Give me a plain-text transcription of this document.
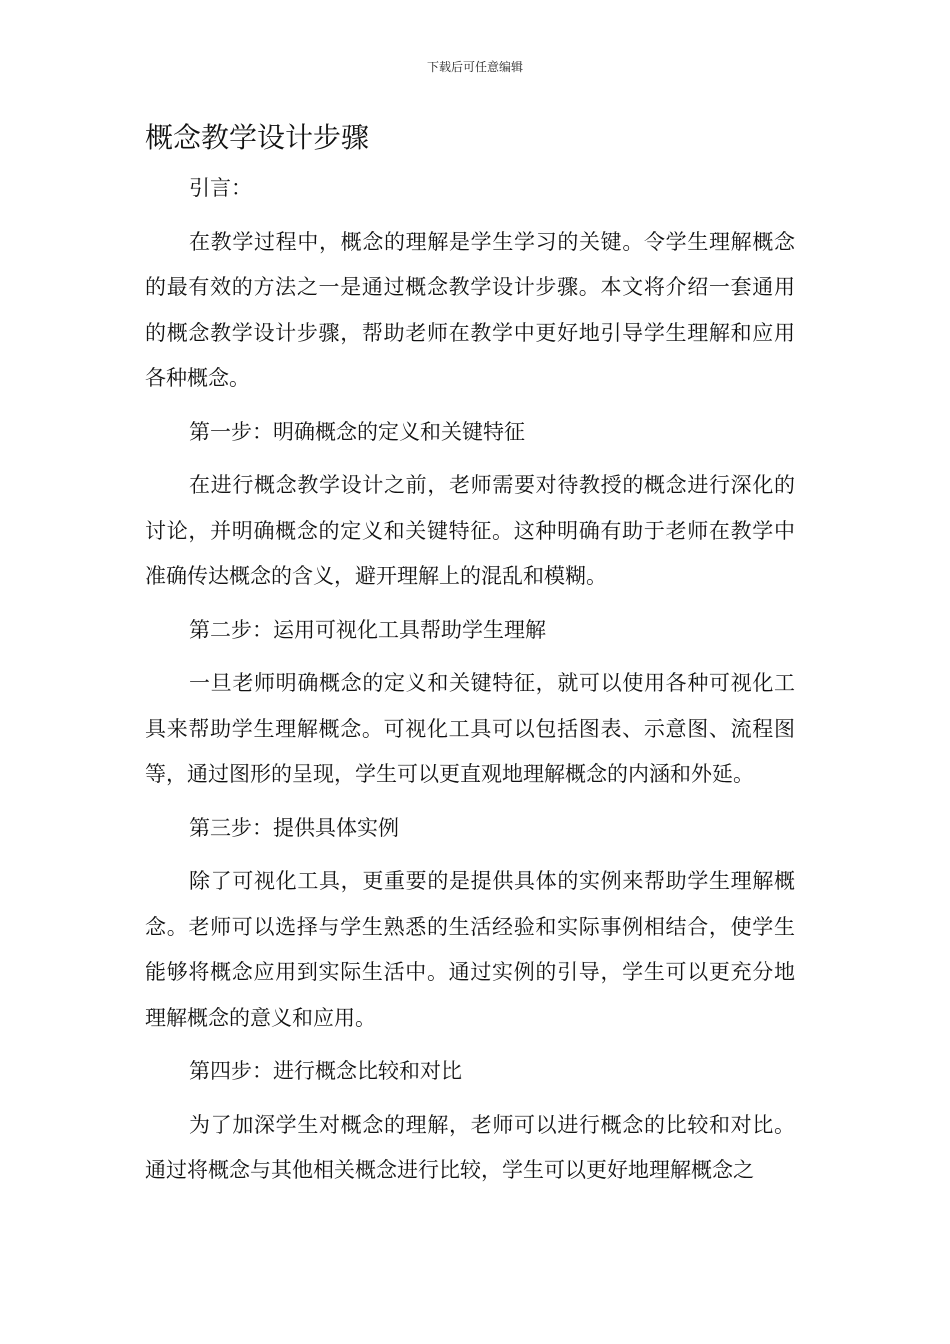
下载后可任意编辑
概念教学设计步骤

引言：

在教学过程中，概念的理解是学生学习的关键。令学生理解概念的最有效的方法之一是通过概念教学设计步骤。本文将介绍一套通用的概念教学设计步骤，帮助老师在教学中更好地引导学生理解和应用各种概念。

第一步：明确概念的定义和关键特征

在进行概念教学设计之前，老师需要对待教授的概念进行深化的讨论，并明确概念的定义和关键特征。这种明确有助于老师在教学中准确传达概念的含义，避开理解上的混乱和模糊。

第二步：运用可视化工具帮助学生理解

一旦老师明确概念的定义和关键特征，就可以使用各种可视化工具来帮助学生理解概念。可视化工具可以包括图表、示意图、流程图等，通过图形的呈现，学生可以更直观地理解概念的内涵和外延。

第三步：提供具体实例

除了可视化工具，更重要的是提供具体的实例来帮助学生理解概念。老师可以选择与学生熟悉的生活经验和实际事例相结合，使学生能够将概念应用到实际生活中。通过实例的引导，学生可以更充分地理解概念的意义和应用。

第四步：进行概念比较和对比

为了加深学生对概念的理解，老师可以进行概念的比较和对比。通过将概念与其他相关概念进行比较，学生可以更好地理解概念之
